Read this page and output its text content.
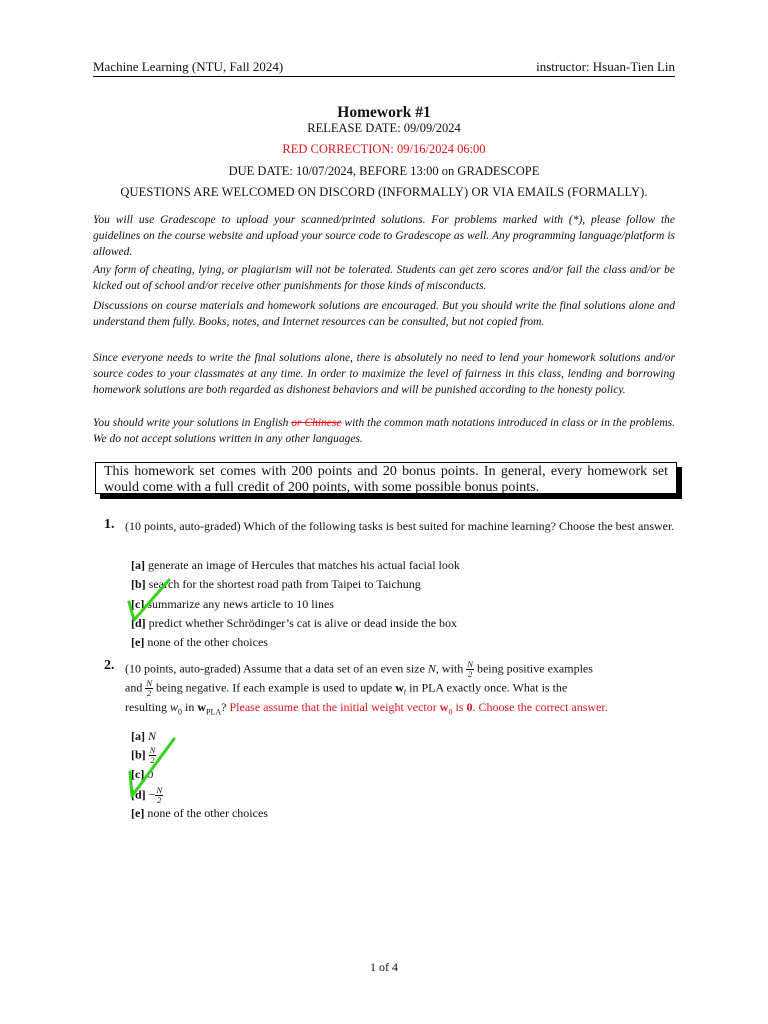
Machine Learning (NTU, Fall 2024)	instructor: Hsuan-Tien Lin
Homework #1
RELEASE DATE: 09/09/2024
RED CORRECTION: 09/16/2024 06:00
DUE DATE: 10/07/2024, BEFORE 13:00 on GRADESCOPE
QUESTIONS ARE WELCOMED ON DISCORD (INFORMALLY) OR VIA EMAILS (FORMALLY).
You will use Gradescope to upload your scanned/printed solutions. For problems marked with (*), please follow the guidelines on the course website and upload your source code to Gradescope as well. Any programming language/platform is allowed.
Any form of cheating, lying, or plagiarism will not be tolerated. Students can get zero scores and/or fail the class and/or be kicked out of school and/or receive other punishments for those kinds of misconducts.
Discussions on course materials and homework solutions are encouraged. But you should write the final solutions alone and understand them fully. Books, notes, and Internet resources can be consulted, but not copied from.
Since everyone needs to write the final solutions alone, there is absolutely no need to lend your homework solutions and/or source codes to your classmates at any time. In order to maximize the level of fairness in this class, lending and borrowing homework solutions are both regarded as dishonest behaviors and will be punished according to the honesty policy.
You should write your solutions in English or Chinese with the common math notations introduced in class or in the problems. We do not accept solutions written in any other languages.
This homework set comes with 200 points and 20 bonus points. In general, every homework set would come with a full credit of 200 points, with some possible bonus points.
1. (10 points, auto-graded) Which of the following tasks is best suited for machine learning? Choose the best answer.
[a] generate an image of Hercules that matches his actual facial look
[b] search for the shortest road path from Taipei to Taichung
[c] summarize any news article to 10 lines
[d] predict whether Schrödinger’s cat is alive or dead inside the box
[e] none of the other choices
2. (10 points, auto-graded) Assume that a data set of an even size N, with $\frac{N}{2}$ being positive examples
and $\frac{N}{2}$ being negative. If each example is used to update $w_t$ in PLA exactly once. What is the
resulting $w_0$ in $w_{PLA}$? Please assume that the initial weight vector $w_0$ is 0. Choose the correct answer.
[a] N
$[b] \frac{N}{2}$
[c] 0
$[d] - \frac{N}{2}$
[e] none of the other choices
1 of 4
